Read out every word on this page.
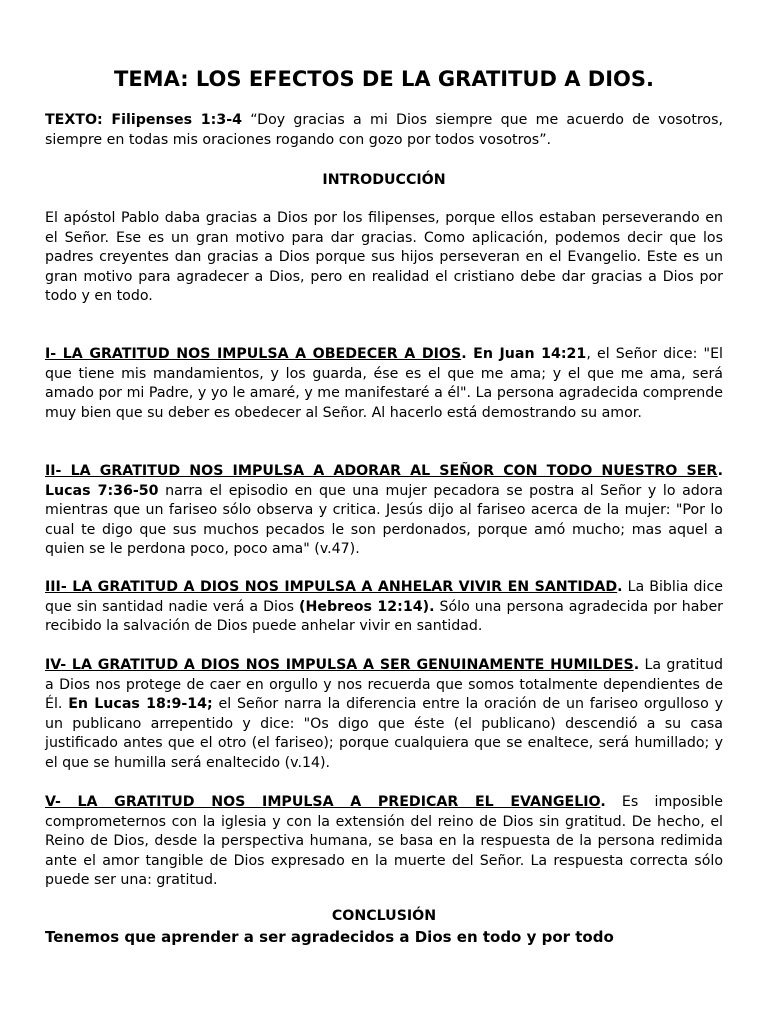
TEMA: LOS EFECTOS DE LA GRATITUD A DIOS.

TEXTO: Filipenses 1:3-4 “Doy gracias a mi Dios siempre que me acuerdo de vosotros, siempre en todas mis oraciones rogando con gozo por todos vosotros”.

INTRODUCCIÓN

El apóstol Pablo daba gracias a Dios por los filipenses, porque ellos estaban perseverando en el Señor. Ese es un gran motivo para dar gracias. Como aplicación, podemos decir que los padres creyentes dan gracias a Dios porque sus hijos perseveran en el Evangelio. Este es un gran motivo para agradecer a Dios, pero en realidad el cristiano debe dar gracias a Dios por todo y en todo.

I- LA GRATITUD NOS IMPULSA A OBEDECER A DIOS. En Juan 14:21, el Señor dice: "El que tiene mis mandamientos, y los guarda, ése es el que me ama; y el que me ama, será amado por mi Padre, y yo le amaré, y me manifestaré a él". La persona agradecida comprende muy bien que su deber es obedecer al Señor. Al hacerlo está demostrando su amor.

II- LA GRATITUD NOS IMPULSA A ADORAR AL SEÑOR CON TODO NUESTRO SER. Lucas 7:36-50 narra el episodio en que una mujer pecadora se postra al Señor y lo adora mientras que un fariseo sólo observa y critica. Jesús dijo al fariseo acerca de la mujer: "Por lo cual te digo que sus muchos pecados le son perdonados, porque amó mucho; mas aquel a quien se le perdona poco, poco ama" (v.47).

III- LA GRATITUD A DIOS NOS IMPULSA A ANHELAR VIVIR EN SANTIDAD. La Biblia dice que sin santidad nadie verá a Dios (Hebreos 12:14). Sólo una persona agradecida por haber recibido la salvación de Dios puede anhelar vivir en santidad.

IV- LA GRATITUD A DIOS NOS IMPULSA A SER GENUINAMENTE HUMILDES. La gratitud a Dios nos protege de caer en orgullo y nos recuerda que somos totalmente dependientes de Él. En Lucas 18:9-14; el Señor narra la diferencia entre la oración de un fariseo orgulloso y un publicano arrepentido y dice: "Os digo que éste (el publicano) descendió a su casa justificado antes que el otro (el fariseo); porque cualquiera que se enaltece, será humillado; y el que se humilla será enaltecido (v.14).

V- LA GRATITUD NOS IMPULSA A PREDICAR EL EVANGELIO. Es imposible comprometernos con la iglesia y con la extensión del reino de Dios sin gratitud. De hecho, el Reino de Dios, desde la perspectiva humana, se basa en la respuesta de la persona redimida ante el amor tangible de Dios expresado en la muerte del Señor. La respuesta correcta sólo puede ser una: gratitud.

CONCLUSIÓN

Tenemos que aprender a ser agradecidos a Dios en todo y por todo
